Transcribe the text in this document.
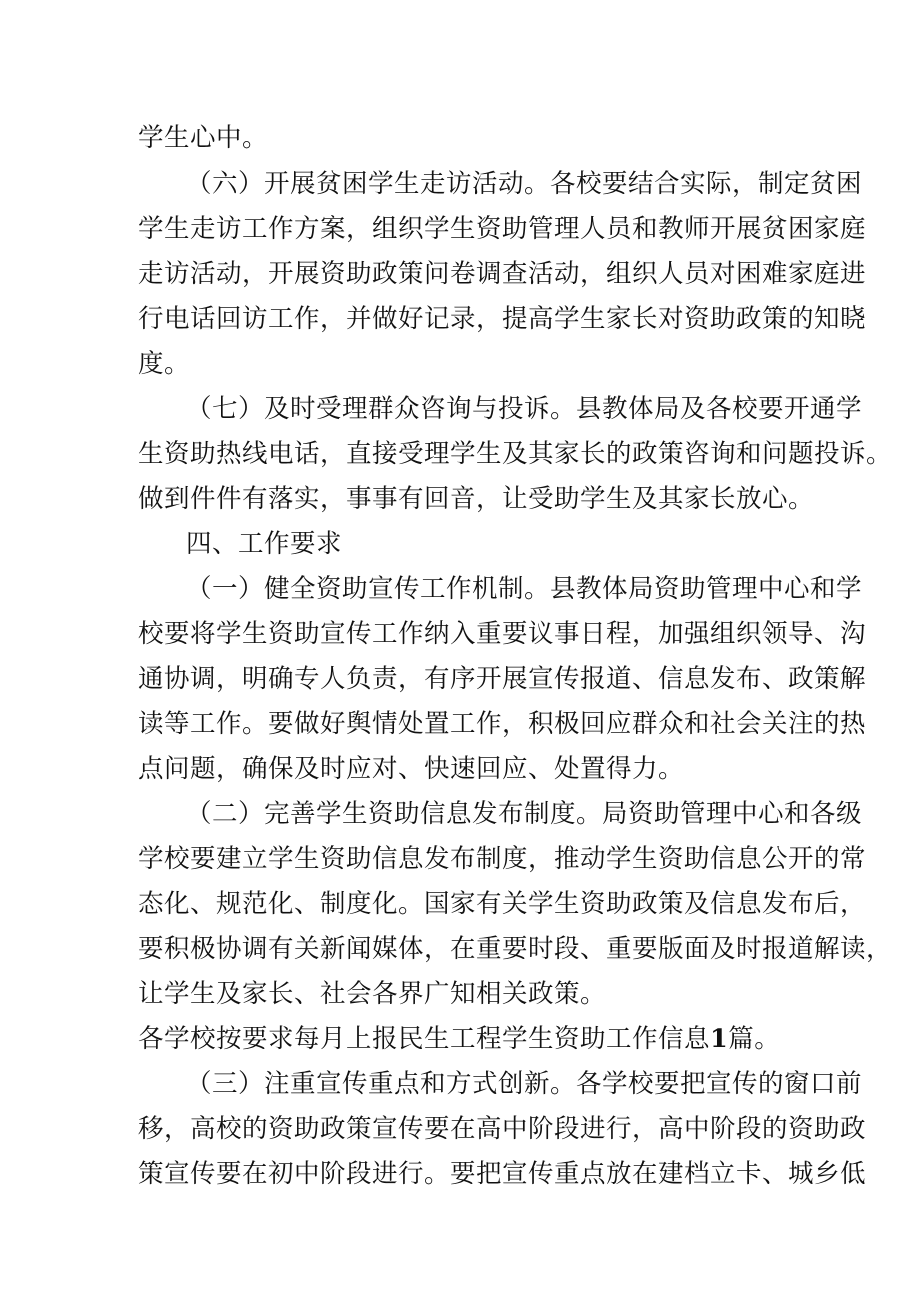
学生心中。
（六）开展贫困学生走访活动。各校要结合实际，制定贫困
学生走访工作方案，组织学生资助管理人员和教师开展贫困家庭
走访活动，开展资助政策问卷调查活动，组织人员对困难家庭进
行电话回访工作，并做好记录，提高学生家长对资助政策的知晓
度。
（七）及时受理群众咨询与投诉。县教体局及各校要开通学
生资助热线电话，直接受理学生及其家长的政策咨询和问题投诉。
做到件件有落实，事事有回音，让受助学生及其家长放心。
四、工作要求
（一）健全资助宣传工作机制。县教体局资助管理中心和学
校要将学生资助宣传工作纳入重要议事日程，加强组织领导、沟
通协调，明确专人负责，有序开展宣传报道、信息发布、政策解
读等工作。要做好舆情处置工作，积极回应群众和社会关注的热
点问题，确保及时应对、快速回应、处置得力。
（二）完善学生资助信息发布制度。局资助管理中心和各级
学校要建立学生资助信息发布制度，推动学生资助信息公开的常
态化、规范化、制度化。国家有关学生资助政策及信息发布后，
要积极协调有关新闻媒体，在重要时段、重要版面及时报道解读，
让学生及家长、社会各界广知相关政策。
各学校按要求每月上报民生工程学生资助工作信息1篇。
（三）注重宣传重点和方式创新。各学校要把宣传的窗口前
移，高校的资助政策宣传要在高中阶段进行，高中阶段的资助政
策宣传要在初中阶段进行。要把宣传重点放在建档立卡、城乡低
